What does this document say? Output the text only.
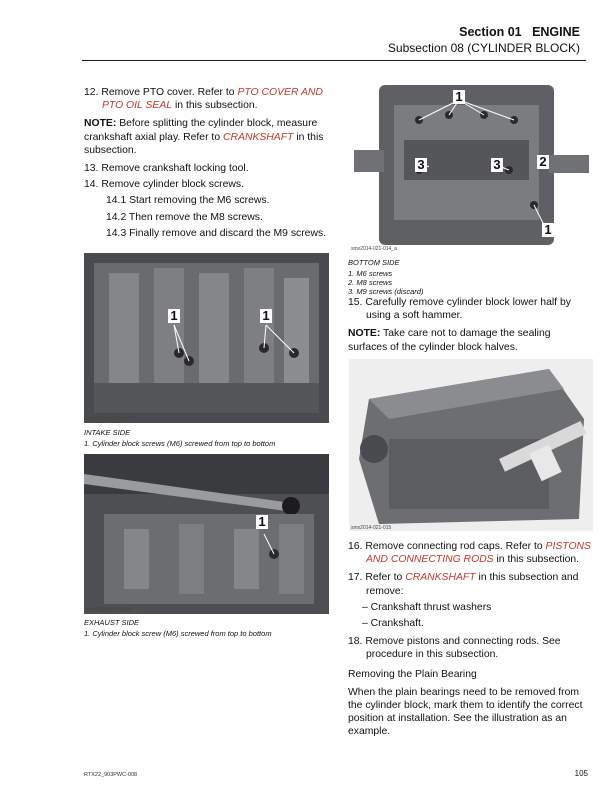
Section 01 ENGINE
Subsection 08 (CYLINDER BLOCK)

12. Remove PTO cover. Refer to PTO COVER AND PTO OIL SEAL in this subsection.

NOTE: Before splitting the cylinder block, measure crankshaft axial play. Refer to CRANKSHAFT in this subsection.

13. Remove crankshaft locking tool.

14. Remove cylinder block screws.

14.1 Start removing the M6 screws.

14.2 Then remove the M8 screws.

14.3 Finally remove and discard the M9 screws.

1	1
smx2014-021-012_a
INTAKE SIDE
1. Cylinder block screws (M6) screwed from top to bottom
1
smx2014-021-013_a
EXHAUST SIDE
1. Cylinder block screw (M6) screwed from top to bottom
1
3	3	2
1
smx2014-021-014_a
BOTTOM SIDE
1. M6 screws
2. M8 screws
3. M9 screws (discard)

15. Carefully remove cylinder block lower half by using a soft hammer.

NOTE: Take care not to damage the sealing surfaces of the cylinder block halves.

smx2014-021-015

16. Remove connecting rod caps. Refer to PISTONS AND CONNECTING RODS in this subsection.

17. Refer to CRANKSHAFT in this subsection and remove:

– Crankshaft thrust washers

– Crankshaft.

18. Remove pistons and connecting rods. See procedure in this subsection.

Removing the Plain Bearing

When the plain bearings need to be removed from the cylinder block, mark them to identify the correct position at installation. See the illustration as an example.

RTX22_903PWC-008	105
